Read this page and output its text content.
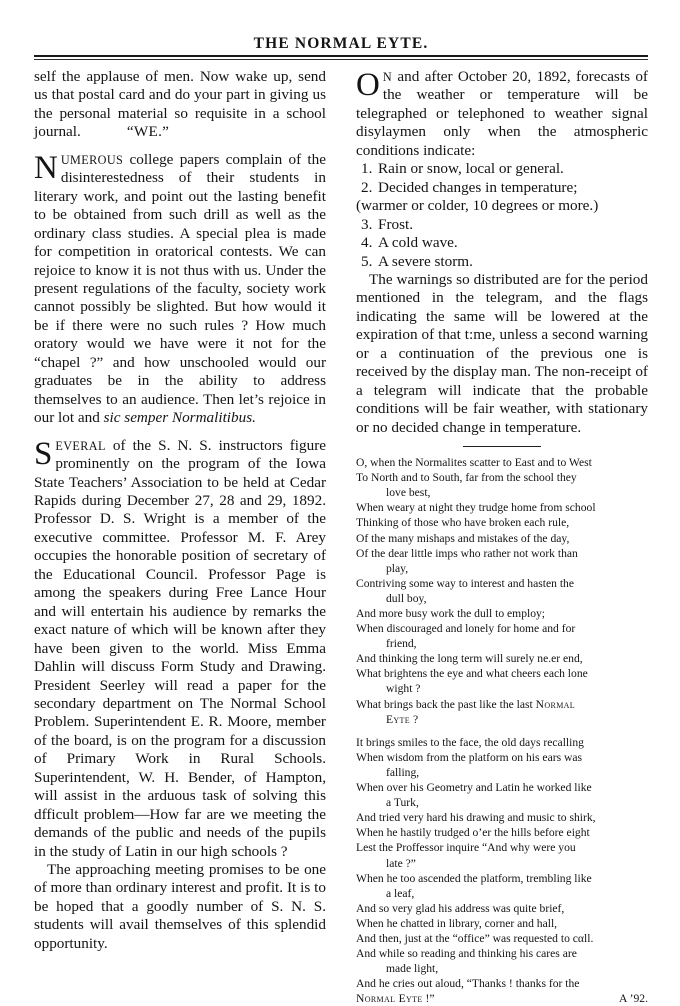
THE NORMAL EYTE.

self the applause of men. Now wake up, send us that postal card and do your part in giving us the personal material so requisite in a school journal.	“WE.”

NUMEROUS college papers complain of the disinterestedness of their students in literary work, and point out the lasting benefit to be obtained from such drill as well as the ordinary class studies. A special plea is made for competition in oratorical contests. We can rejoice to know it is not thus with us. Under the present regulations of the faculty, society work cannot possibly be slighted. But how would it be if there were no such rules ? How much oratory would we have were it not for the “chapel ?” and how unschooled would our graduates be in the ability to address themselves to an audience. Then let’s rejoice in our lot and sic semper Normalitibus.

SEVERAL of the S. N. S. instructors figure prominently on the program of the Iowa State Teachers’ Association to be held at Cedar Rapids during December 27, 28 and 29, 1892. Professor D. S. Wright is a member of the executive committee. Professor M. F. Arey occupies the honorable position of secretary of the Educational Council. Professor Page is among the speakers during Free Lance Hour and will entertain his audience by remarks the exact nature of which will be known after they have been given to the world. Miss Emma Dahlin will discuss Form Study and Drawing. President Seerley will read a paper for the secondary department on The Normal School Problem. Superintendent E. R. Moore, member of the board, is on the program for a discussion of Primary Work in Rural Schools. Superintendent, W. H. Bender, of Hampton, will assist in the arduous task of solving this dfficult problem—How far are we meeting the demands of the public and needs of the pupils in the study of Latin in our high schools ?

The approaching meeting promises to be one of more than ordinary interest and profit. It is to be hoped that a goodly number of S. N. S. students will avail themselves of this splendid opportunity.

O N and after October 20, 1892, forecasts of the weather or temperature will be telegraphed or telephoned to weather signal disylaymen only when the atmospheric conditions indicate:

1. Rain or snow, local or general.
2. Decided changes in temperature;
(warmer or colder, 10 degrees or more.)
3. Frost.
4. A cold wave.
5. A severe storm.

The warnings so distributed are for the period mentioned in the telegram, and the flags indicating the same will be lowered at the expiration of that t:me, unless a second warning or a continuation of the previous one is received by the display man. The non-receipt of a telegram will indicate that the probable conditions will be fair weather, with stationary or no decided change in temperature.

O, when the Normalites scatter to East and to West
To North and to South, far from the school they
love best,
When weary at night they trudge home from school
Thinking of those who have broken each rule,
Of the many mishaps and mistakes of the day,
Of the dear little imps who rather not work than
play,
Contriving some way to interest and hasten the
dull boy,
And more busy work the dull to employ;
When discouraged and lonely for home and for
friend,
And thinking the long term will surely ne.er end,
What brightens the eye and what cheers each lone
wight ?
What brings back the past like the last Normal
Eyte ?
It brings smiles to the face, the old days recalling
When wisdom from the platform on his ears was
falling,
When over his Geometry and Latin he worked like
a Turk,
And tried very hard his drawing and music to shirk,
When he hastily trudged o’er the hills before eight
Lest the Proffessor inquire “And why were you
late ?”
When he too ascended the platform, trembling like
a leaf,
And so very glad his address was quite brief,
When he chatted in library, corner and hall,
And then, just at the “office” was requested to cαll.
And while so reading and thinking his cares are
made light,
And he cries out aloud, “Thanks ! thanks for the
Normal Eyte !”	A ’92.
